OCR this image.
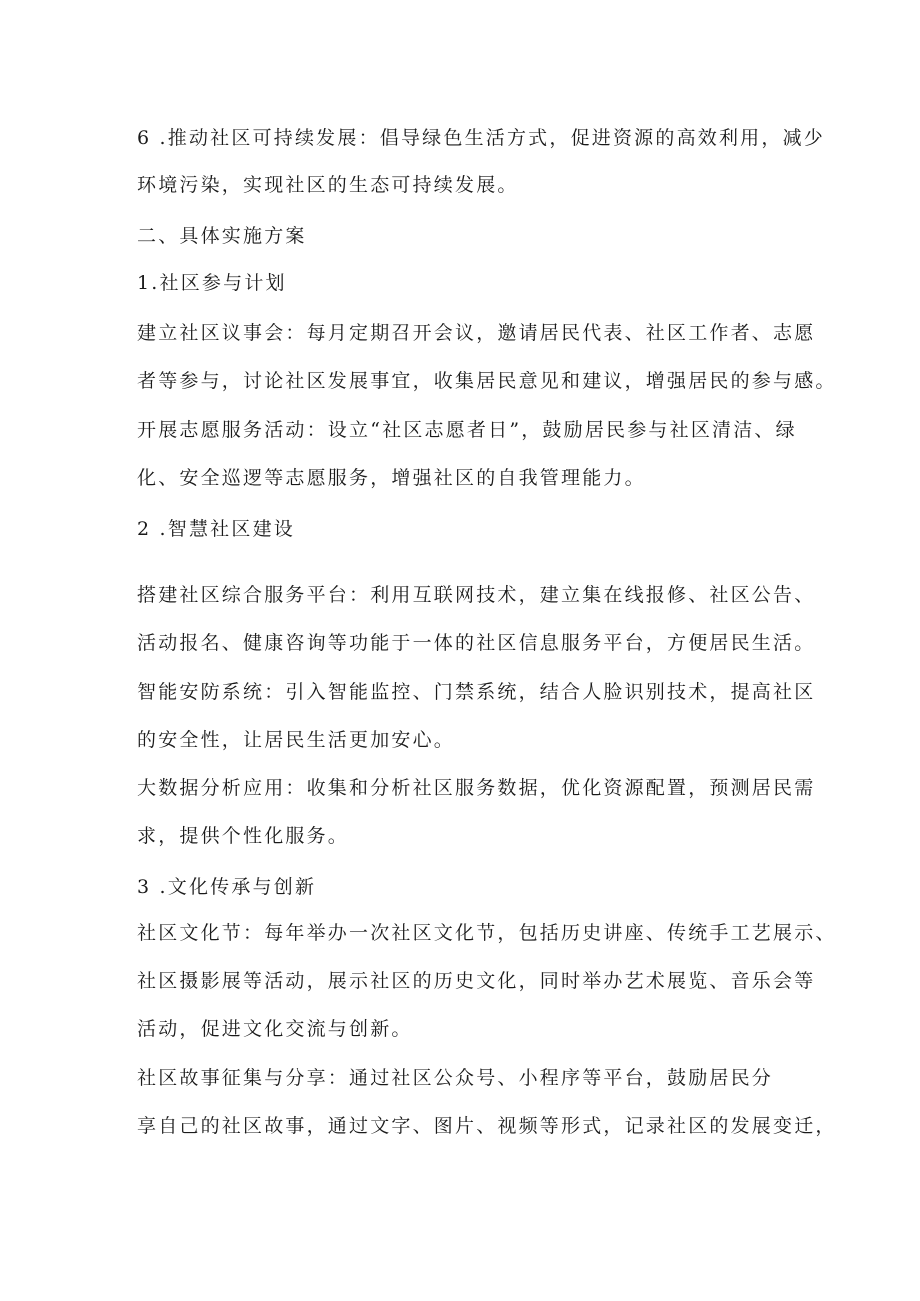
6 .推动社区可持续发展：倡导绿色生活方式，促进资源的高效利用，减少
环境污染，实现社区的生态可持续发展。
二、具体实施方案
1.社区参与计划
建立社区议事会：每月定期召开会议，邀请居民代表、社区工作者、志愿
者等参与，讨论社区发展事宜，收集居民意见和建议，增强居民的参与感。
开展志愿服务活动：设立“社区志愿者日”，鼓励居民参与社区清洁、绿
化、安全巡逻等志愿服务，增强社区的自我管理能力。
2 .智慧社区建设
搭建社区综合服务平台：利用互联网技术，建立集在线报修、社区公告、
活动报名、健康咨询等功能于一体的社区信息服务平台，方便居民生活。
智能安防系统：引入智能监控、门禁系统，结合人脸识别技术，提高社区
的安全性，让居民生活更加安心。
大数据分析应用：收集和分析社区服务数据，优化资源配置，预测居民需
求，提供个性化服务。
3 .文化传承与创新
社区文化节：每年举办一次社区文化节，包括历史讲座、传统手工艺展示、
社区摄影展等活动，展示社区的历史文化，同时举办艺术展览、音乐会等
活动，促进文化交流与创新。
社区故事征集与分享：通过社区公众号、小程序等平台，鼓励居民分
享自己的社区故事，通过文字、图片、视频等形式，记录社区的发展变迁，
